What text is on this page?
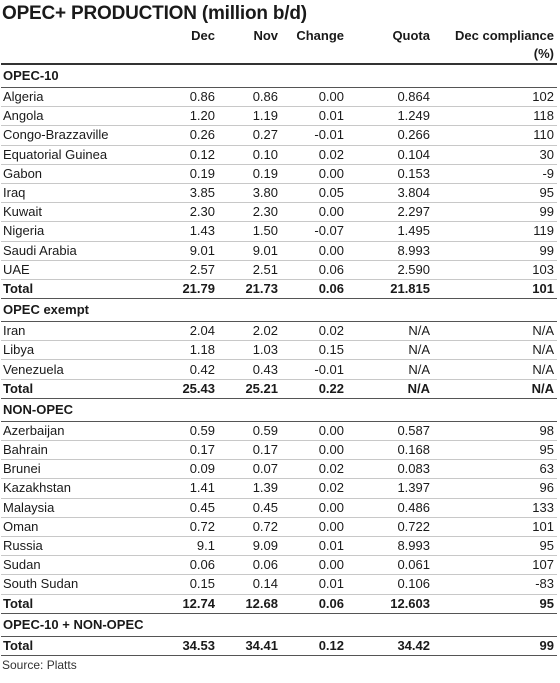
OPEC+ PRODUCTION (million b/d)
	Dec	Nov	Change	Quota	Dec compliance
					(%)
OPEC-10					
Algeria	0.86	0.86	0.00	0.864	102
Angola	1.20	1.19	0.01	1.249	118
Congo-Brazzaville	0.26	0.27	-0.01	0.266	110
Equatorial Guinea	0.12	0.10	0.02	0.104	30
Gabon	0.19	0.19	0.00	0.153	-9
Iraq	3.85	3.80	0.05	3.804	95
Kuwait	2.30	2.30	0.00	2.297	99
Nigeria	1.43	1.50	-0.07	1.495	119
Saudi Arabia	9.01	9.01	0.00	8.993	99
UAE	2.57	2.51	0.06	2.590	103
Total	21.79	21.73	0.06	21.815	101
OPEC exempt					
Iran	2.04	2.02	0.02	N/A	N/A
Libya	1.18	1.03	0.15	N/A	N/A
Venezuela	0.42	0.43	-0.01	N/A	N/A
Total	25.43	25.21	0.22	N/A	N/A
NON-OPEC					
Azerbaijan	0.59	0.59	0.00	0.587	98
Bahrain	0.17	0.17	0.00	0.168	95
Brunei	0.09	0.07	0.02	0.083	63
Kazakhstan	1.41	1.39	0.02	1.397	96
Malaysia	0.45	0.45	0.00	0.486	133
Oman	0.72	0.72	0.00	0.722	101
Russia	9.1	9.09	0.01	8.993	95
Sudan	0.06	0.06	0.00	0.061	107
South Sudan	0.15	0.14	0.01	0.106	-83
Total	12.74	12.68	0.06	12.603	95
OPEC-10 + NON-OPEC					
Total	34.53	34.41	0.12	34.42	99
Source: Platts
